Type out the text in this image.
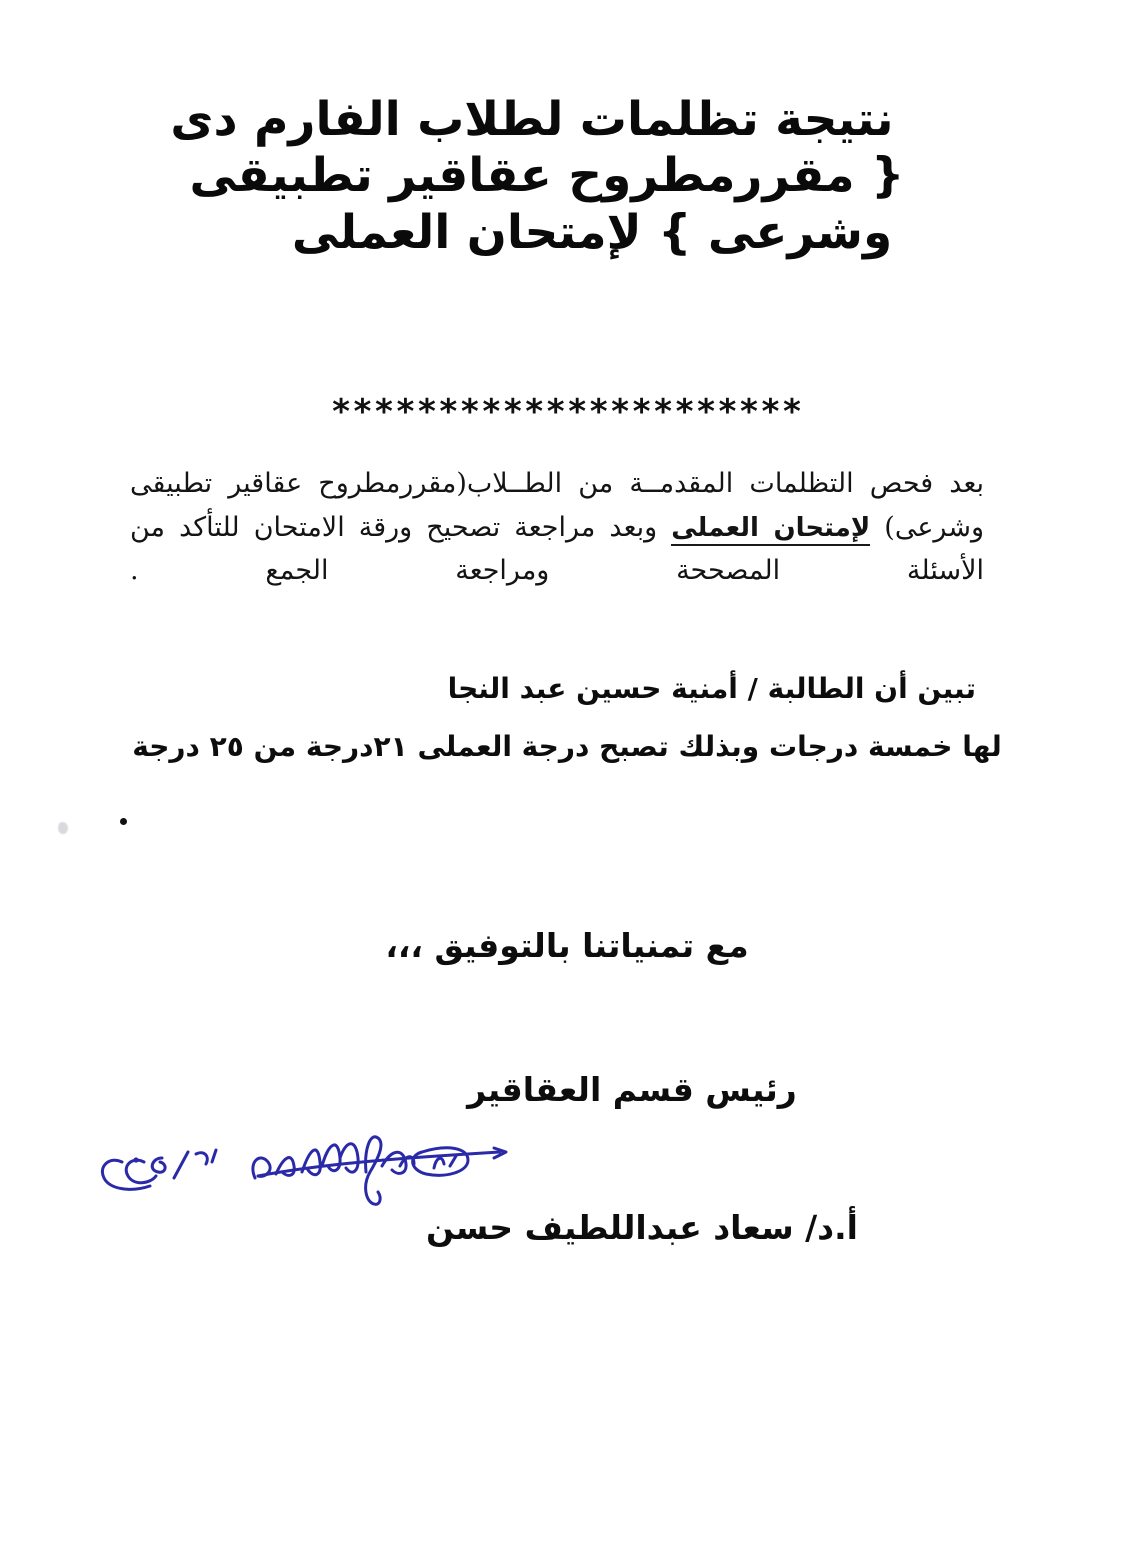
نتيجة تظلمات لطلاب الفارم دى
{ مقررمطروح عقاقير تطبيقى
وشرعى } لإمتحان العملى
**********************
بعد فحص التظلمات المقدمــة من الطــلاب(مقررمطروح عقاقير تطبيقى وشرعى) لإمتحان العملى وبعد مراجعة تصحيح ورقة الامتحان للتأكد من الأسئلة المصححة ومراجعة الجمع .
تبين أن الطالبة / أمنية حسين عبد النجا
لها خمسة درجات وبذلك تصبح درجة العملى ٢١درجة من ٢٥ درجة
مع تمنياتنا بالتوفيق ،،،
رئيس قسم العقاقير
أ.د/ سعاد عبداللطيف حسن
